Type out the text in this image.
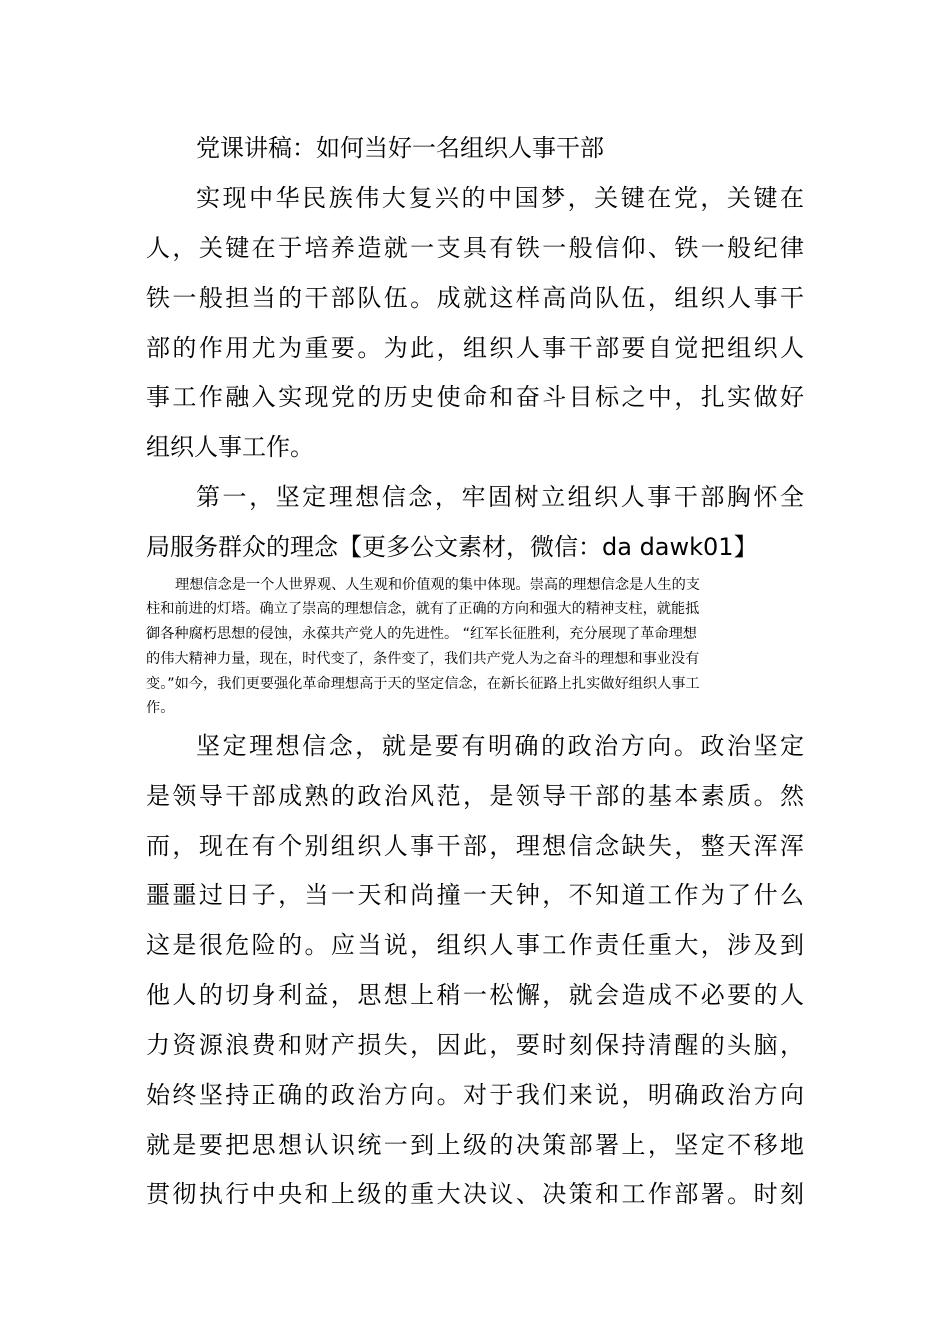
党课讲稿：如何当好一名组织人事干部
实现中华民族伟大复兴的中国梦，关键在党，关键在
人，关键在于培养造就一支具有铁一般信仰、铁一般纪律
铁一般担当的干部队伍。成就这样高尚队伍，组织人事干
部的作用尤为重要。为此，组织人事干部要自觉把组织人
事工作融入实现党的历史使命和奋斗目标之中，扎实做好
组织人事工作。
第一，坚定理想信念，牢固树立组织人事干部胸怀全
局服务群众的理念【更多公文素材，微信：da dawk01】
理想信念是一个人世界观、人生观和价值观的集中体现。崇高的理想信念是人生的支
柱和前进的灯塔。确立了崇高的理想信念，就有了正确的方向和强大的精神支柱，就能抵
御各种腐朽思想的侵蚀，永葆共产党人的先进性。 “红军长征胜利，充分展现了革命理想
的伟大精神力量，现在，时代变了，条件变了，我们共产党人为之奋斗的理想和事业没有
变。”如今，我们更要强化革命理想高于天的坚定信念，在新长征路上扎实做好组织人事工
作。
坚定理想信念，就是要有明确的政治方向。政治坚定
是领导干部成熟的政治风范，是领导干部的基本素质。然
而，现在有个别组织人事干部，理想信念缺失，整天浑浑
噩噩过日子，当一天和尚撞一天钟，不知道工作为了什么
这是很危险的。应当说，组织人事工作责任重大，涉及到
他人的切身利益，思想上稍一松懈，就会造成不必要的人
力资源浪费和财产损失，因此，要时刻保持清醒的头脑，
始终坚持正确的政治方向。对于我们来说，明确政治方向
就是要把思想认识统一到上级的决策部署上，坚定不移地
贯彻执行中央和上级的重大决议、决策和工作部署。时刻
